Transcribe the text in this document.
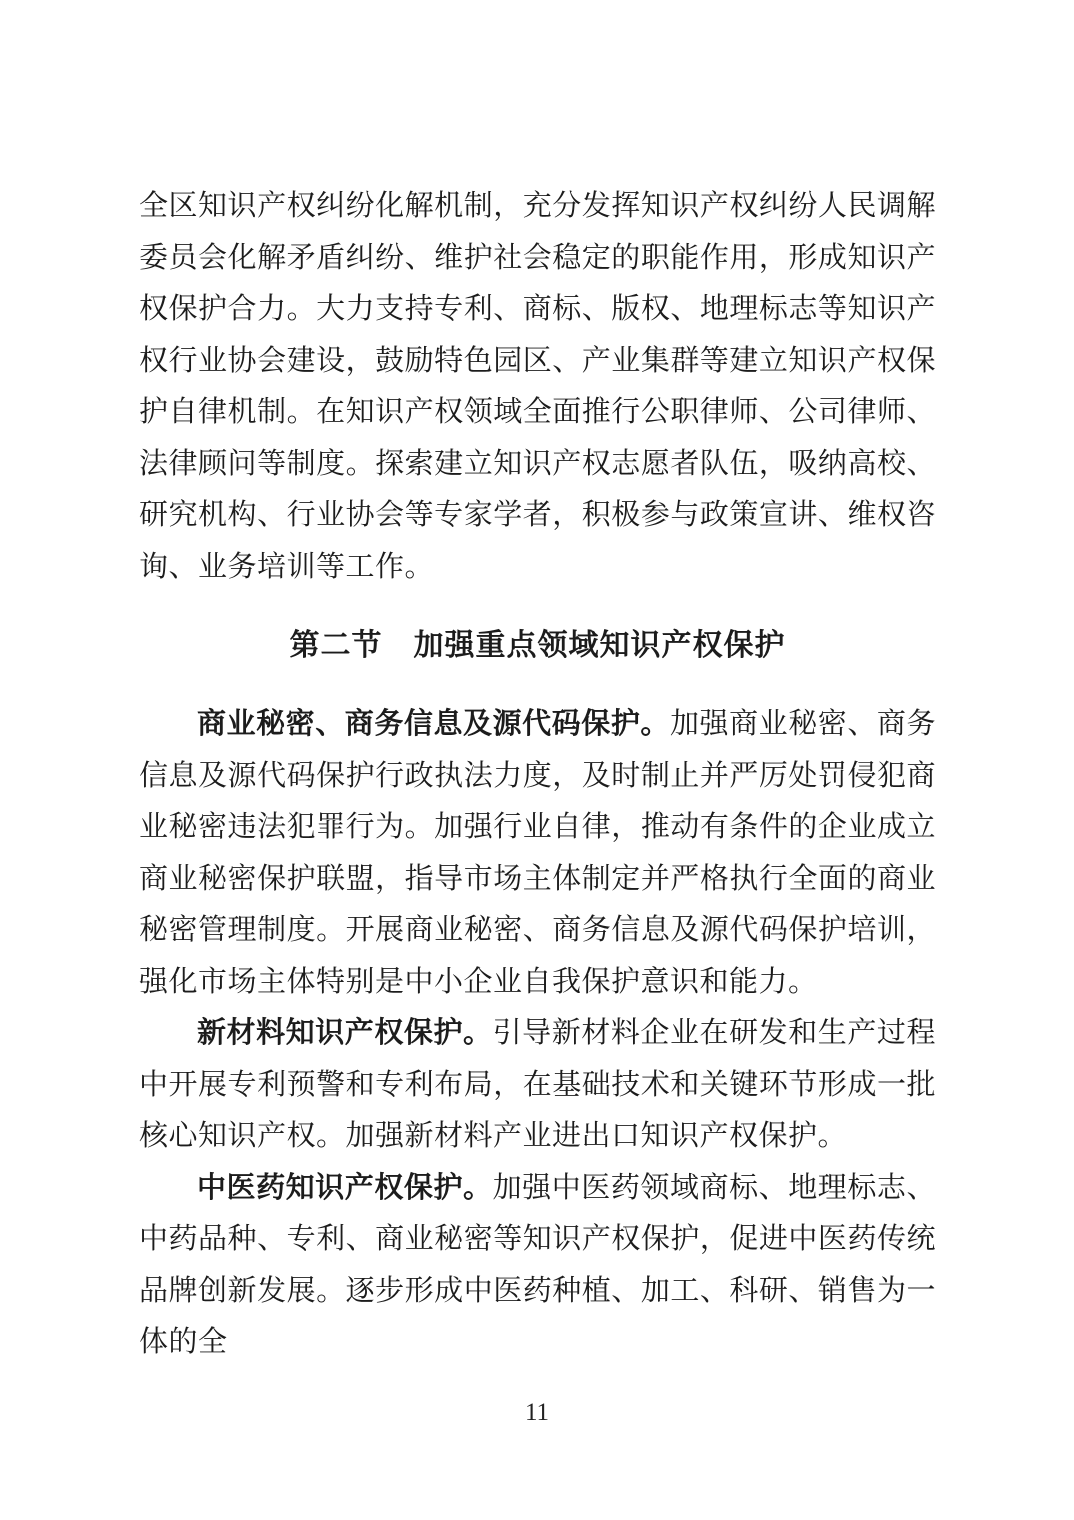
全区知识产权纠纷化解机制，充分发挥知识产权纠纷人民调解委员会化解矛盾纠纷、维护社会稳定的职能作用，形成知识产权保护合力。大力支持专利、商标、版权、地理标志等知识产权行业协会建设，鼓励特色园区、产业集群等建立知识产权保护自律机制。在知识产权领域全面推行公职律师、公司律师、法律顾问等制度。探索建立知识产权志愿者队伍，吸纳高校、研究机构、行业协会等专家学者，积极参与政策宣讲、维权咨询、业务培训等工作。

第二节　加强重点领域知识产权保护

商业秘密、商务信息及源代码保护。加强商业秘密、商务信息及源代码保护行政执法力度，及时制止并严厉处罚侵犯商业秘密违法犯罪行为。加强行业自律，推动有条件的企业成立商业秘密保护联盟，指导市场主体制定并严格执行全面的商业秘密管理制度。开展商业秘密、商务信息及源代码保护培训，强化市场主体特别是中小企业自我保护意识和能力。

新材料知识产权保护。引导新材料企业在研发和生产过程中开展专利预警和专利布局，在基础技术和关键环节形成一批核心知识产权。加强新材料产业进出口知识产权保护。

中医药知识产权保护。加强中医药领域商标、地理标志、中药品种、专利、商业秘密等知识产权保护，促进中医药传统品牌创新发展。逐步形成中医药种植、加工、科研、销售为一体的全

11
